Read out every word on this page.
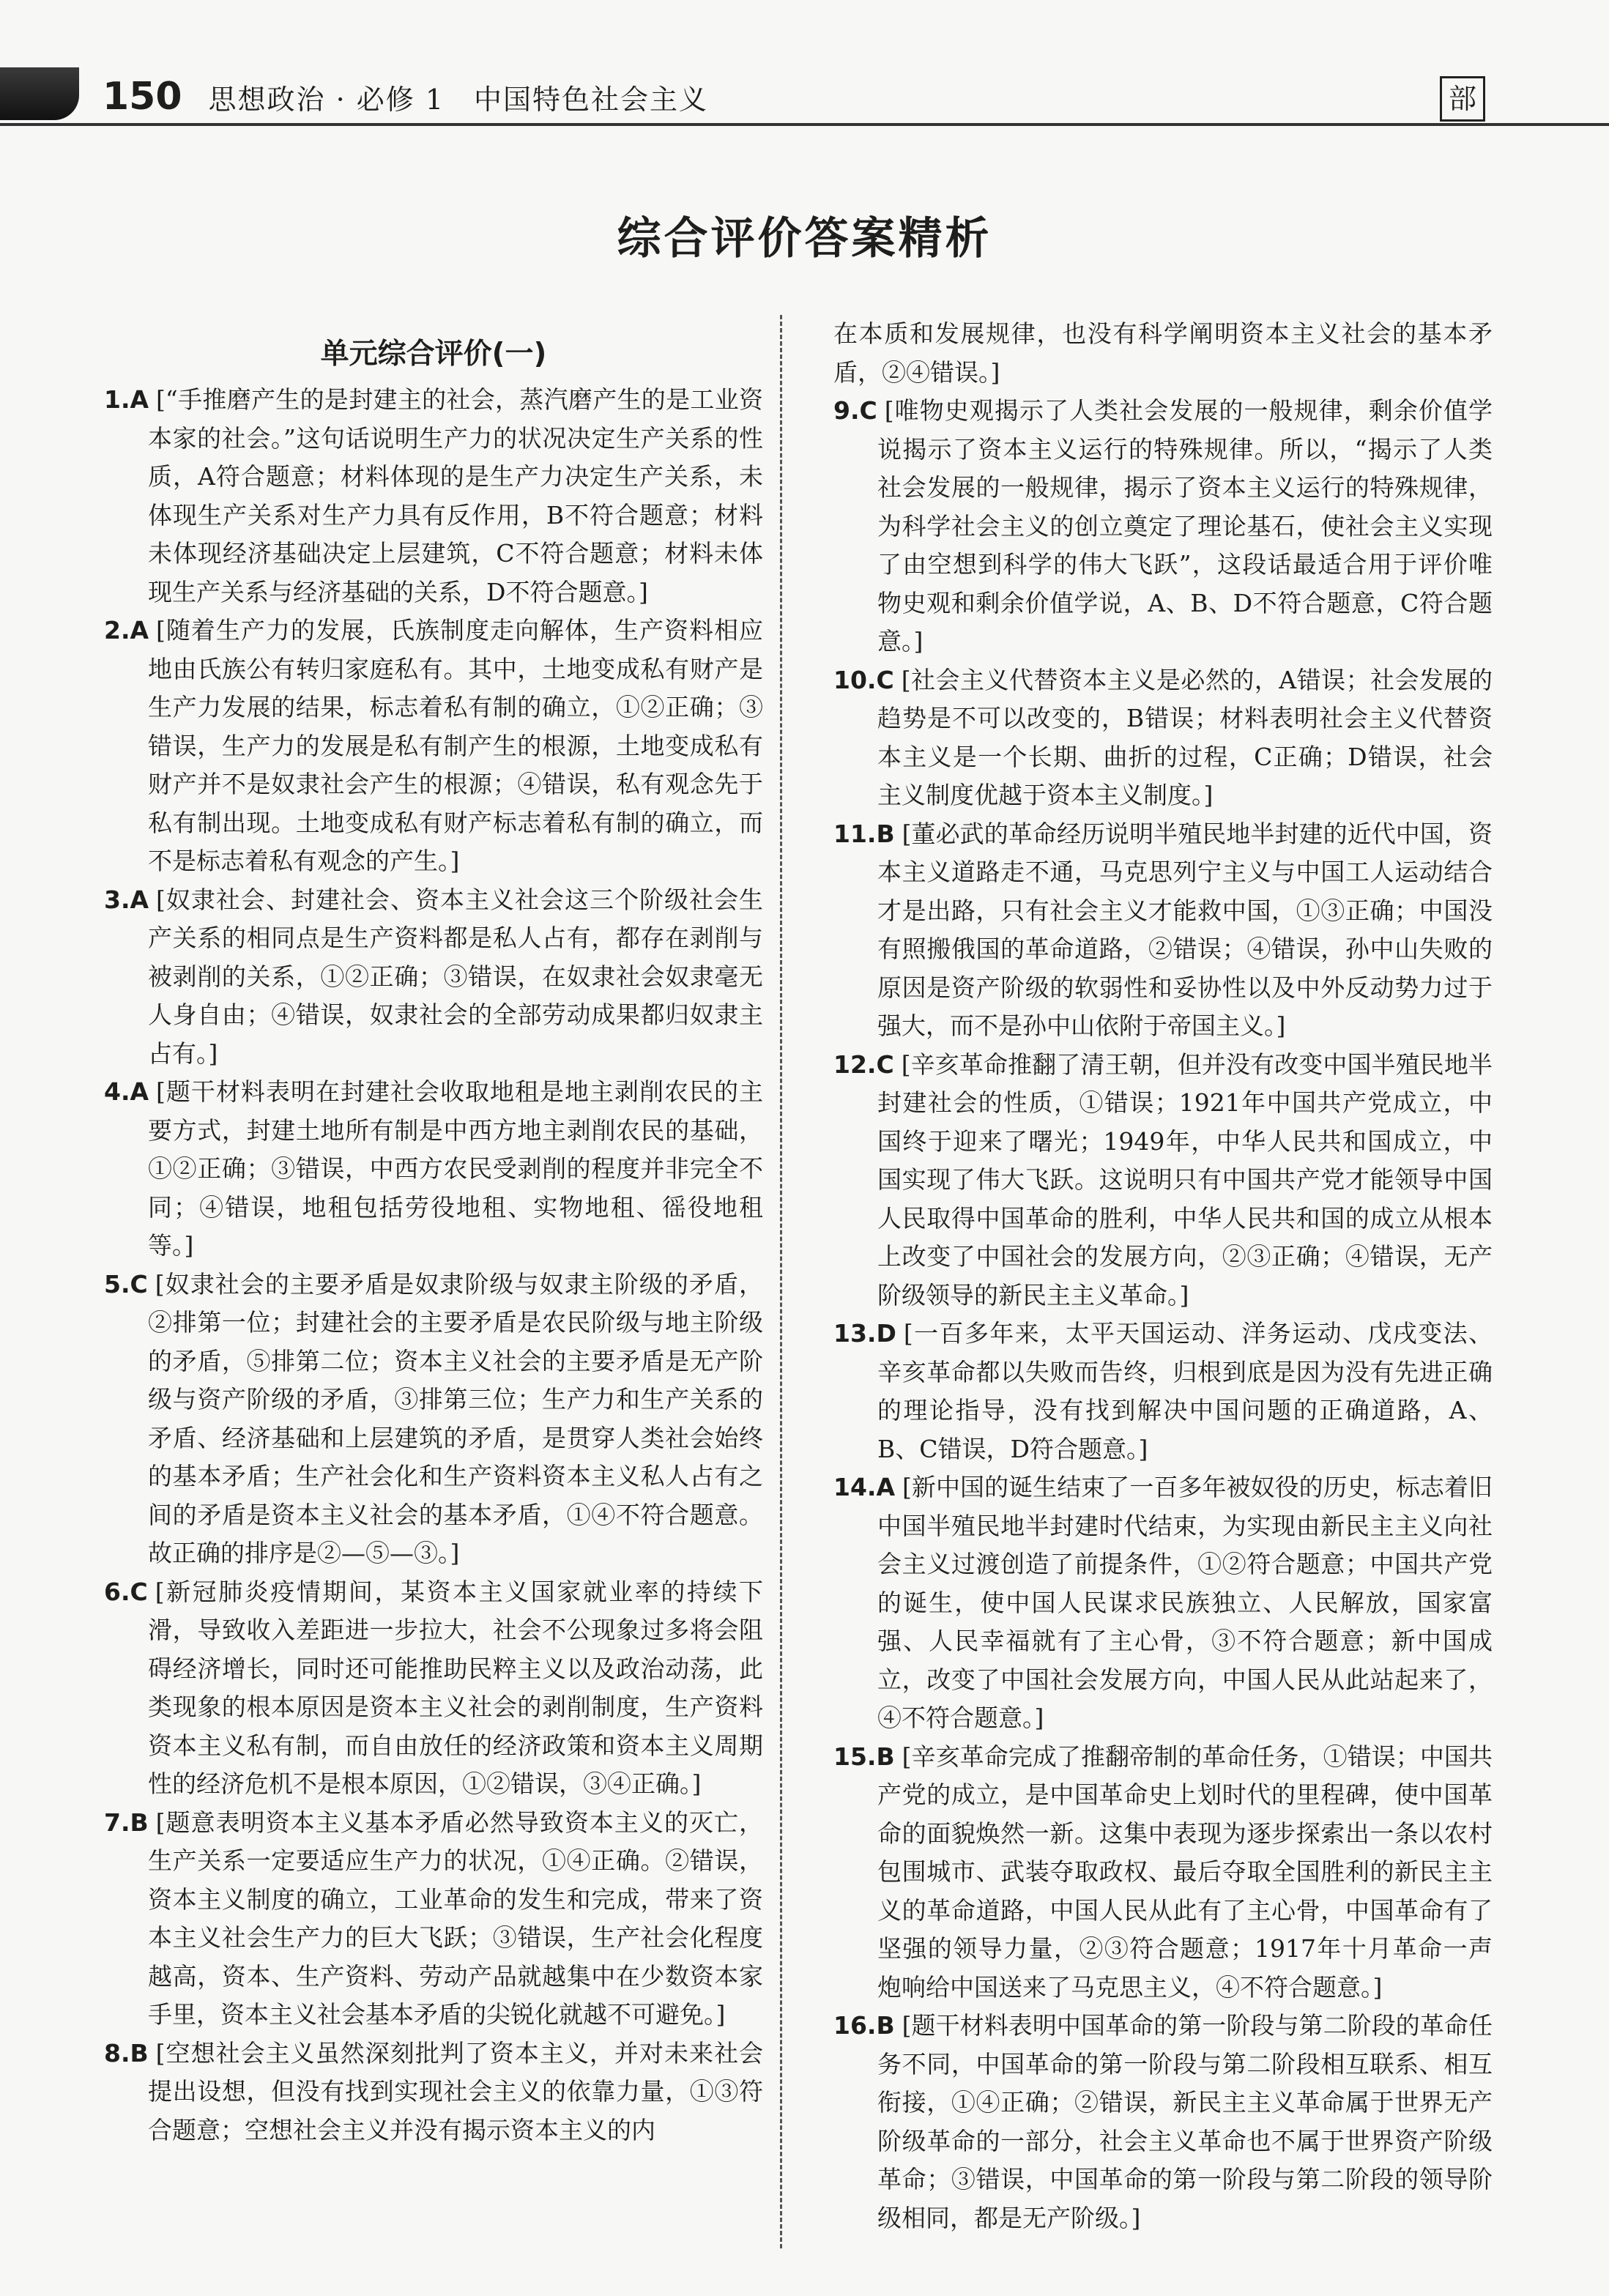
150 思想政治 · 必修 1　中国特色社会主义	部
综合评价答案精析
单元综合评价(一)

1.A [“手推磨产生的是封建主的社会，蒸汽磨产生的是工业资本家的社会。”这句话说明生产力的状况决定生产关系的性质，A符合题意；材料体现的是生产力决定生产关系，未体现生产关系对生产力具有反作用，B不符合题意；材料未体现经济基础决定上层建筑，C不符合题意；材料未体现生产关系与经济基础的关系，D不符合题意。]

2.A [随着生产力的发展，氏族制度走向解体，生产资料相应地由氏族公有转归家庭私有。其中，土地变成私有财产是生产力发展的结果，标志着私有制的确立，①②正确；③错误，生产力的发展是私有制产生的根源，土地变成私有财产并不是奴隶社会产生的根源；④错误，私有观念先于私有制出现。土地变成私有财产标志着私有制的确立，而不是标志着私有观念的产生。]

3.A [奴隶社会、封建社会、资本主义社会这三个阶级社会生产关系的相同点是生产资料都是私人占有，都存在剥削与被剥削的关系，①②正确；③错误，在奴隶社会奴隶毫无人身自由；④错误，奴隶社会的全部劳动成果都归奴隶主占有。]

4.A [题干材料表明在封建社会收取地租是地主剥削农民的主要方式，封建土地所有制是中西方地主剥削农民的基础，①②正确；③错误，中西方农民受剥削的程度并非完全不同；④错误，地租包括劳役地租、实物地租、徭役地租等。]

5.C [奴隶社会的主要矛盾是奴隶阶级与奴隶主阶级的矛盾，②排第一位；封建社会的主要矛盾是农民阶级与地主阶级的矛盾，⑤排第二位；资本主义社会的主要矛盾是无产阶级与资产阶级的矛盾，③排第三位；生产力和生产关系的矛盾、经济基础和上层建筑的矛盾，是贯穿人类社会始终的基本矛盾；生产社会化和生产资料资本主义私人占有之间的矛盾是资本主义社会的基本矛盾，①④不符合题意。故正确的排序是②—⑤—③。]

6.C [新冠肺炎疫情期间，某资本主义国家就业率的持续下滑，导致收入差距进一步拉大，社会不公现象过多将会阻碍经济增长，同时还可能推助民粹主义以及政治动荡，此类现象的根本原因是资本主义社会的剥削制度，生产资料资本主义私有制，而自由放任的经济政策和资本主义周期性的经济危机不是根本原因，①②错误，③④正确。]

7.B [题意表明资本主义基本矛盾必然导致资本主义的灭亡，生产关系一定要适应生产力的状况，①④正确。②错误，资本主义制度的确立，工业革命的发生和完成，带来了资本主义社会生产力的巨大飞跃；③错误，生产社会化程度越高，资本、生产资料、劳动产品就越集中在少数资本家手里，资本主义社会基本矛盾的尖锐化就越不可避免。]

8.B [空想社会主义虽然深刻批判了资本主义，并对未来社会提出设想，但没有找到实现社会主义的依靠力量，①③符合题意；空想社会主义并没有揭示资本主义的内

在本质和发展规律，也没有科学阐明资本主义社会的基本矛盾，②④错误。]

9.C [唯物史观揭示了人类社会发展的一般规律，剩余价值学说揭示了资本主义运行的特殊规律。所以，“揭示了人类社会发展的一般规律，揭示了资本主义运行的特殊规律，为科学社会主义的创立奠定了理论基石，使社会主义实现了由空想到科学的伟大飞跃”，这段话最适合用于评价唯物史观和剩余价值学说，A、B、D不符合题意，C符合题意。]

10.C [社会主义代替资本主义是必然的，A错误；社会发展的趋势是不可以改变的，B错误；材料表明社会主义代替资本主义是一个长期、曲折的过程，C正确；D错误，社会主义制度优越于资本主义制度。]

11.B [董必武的革命经历说明半殖民地半封建的近代中国，资本主义道路走不通，马克思列宁主义与中国工人运动结合才是出路，只有社会主义才能救中国，①③正确；中国没有照搬俄国的革命道路，②错误；④错误，孙中山失败的原因是资产阶级的软弱性和妥协性以及中外反动势力过于强大，而不是孙中山依附于帝国主义。]

12.C [辛亥革命推翻了清王朝，但并没有改变中国半殖民地半封建社会的性质，①错误；1921年中国共产党成立，中国终于迎来了曙光；1949年，中华人民共和国成立，中国实现了伟大飞跃。这说明只有中国共产党才能领导中国人民取得中国革命的胜利，中华人民共和国的成立从根本上改变了中国社会的发展方向，②③正确；④错误，无产阶级领导的新民主主义革命。]

13.D [一百多年来，太平天国运动、洋务运动、戊戌变法、辛亥革命都以失败而告终，归根到底是因为没有先进正确的理论指导，没有找到解决中国问题的正确道路，A、B、C错误，D符合题意。]

14.A [新中国的诞生结束了一百多年被奴役的历史，标志着旧中国半殖民地半封建时代结束，为实现由新民主主义向社会主义过渡创造了前提条件，①②符合题意；中国共产党的诞生，使中国人民谋求民族独立、人民解放，国家富强、人民幸福就有了主心骨，③不符合题意；新中国成立，改变了中国社会发展方向，中国人民从此站起来了，④不符合题意。]

15.B [辛亥革命完成了推翻帝制的革命任务，①错误；中国共产党的成立，是中国革命史上划时代的里程碑，使中国革命的面貌焕然一新。这集中表现为逐步探索出一条以农村包围城市、武装夺取政权、最后夺取全国胜利的新民主主义的革命道路，中国人民从此有了主心骨，中国革命有了坚强的领导力量，②③符合题意；1917年十月革命一声炮响给中国送来了马克思主义，④不符合题意。]

16.B [题干材料表明中国革命的第一阶段与第二阶段的革命任务不同，中国革命的第一阶段与第二阶段相互联系、相互衔接，①④正确；②错误，新民主主义革命属于世界无产阶级革命的一部分，社会主义革命也不属于世界资产阶级革命；③错误，中国革命的第一阶段与第二阶段的领导阶级相同，都是无产阶级。]
